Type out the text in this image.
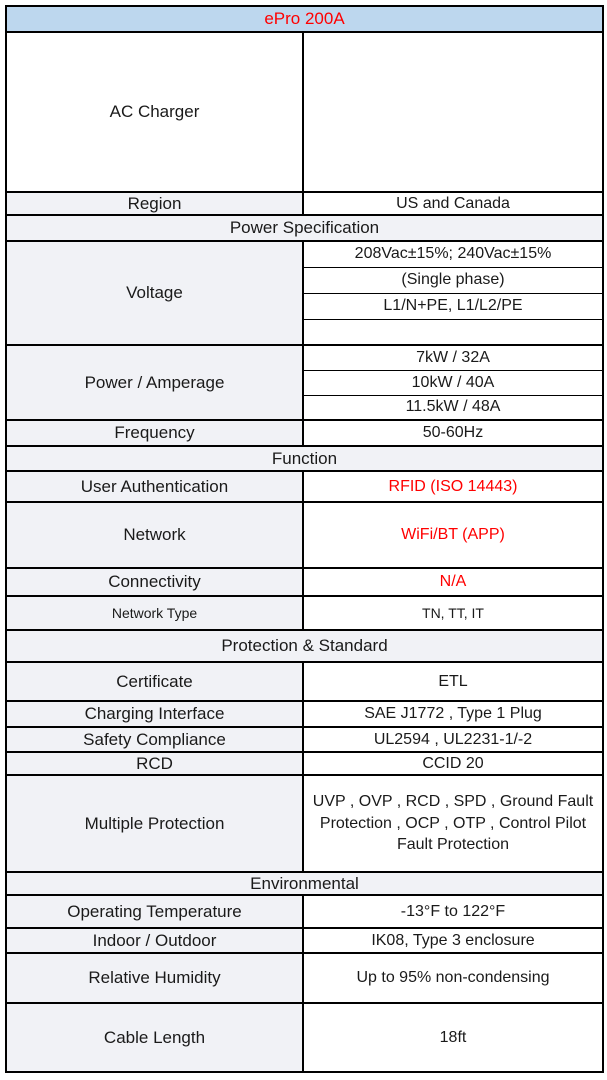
ePro 200A	
AC Charger	
Region	US and Canada
Power Specification	
Voltage	208Vac±15%; 240Vac±15%
	(Single phase)
	L1/N+PE, L1/L2/PE

Power / Amperage	7kW / 32A
	10kW / 40A
	11.5kW / 48A
Frequency	50-60Hz
Function	
User Authentication	RFID (ISO 14443)
Network	WiFi/BT (APP)
Connectivity	N/A
Network Type	TN, TT, IT
Protection & Standard	
Certificate	ETL
Charging Interface	SAE J1772 , Type 1 Plug
Safety Compliance	UL2594 , UL2231-1/-2
RCD	CCID 20
Multiple Protection	UVP , OVP , RCD , SPD , Ground Fault Protection , OCP , OTP , Control Pilot Fault Protection
Environmental	
Operating Temperature	-13°F to 122°F
Indoor / Outdoor	IK08, Type 3 enclosure
Relative Humidity	Up to 95% non-condensing
Cable Length	18ft
